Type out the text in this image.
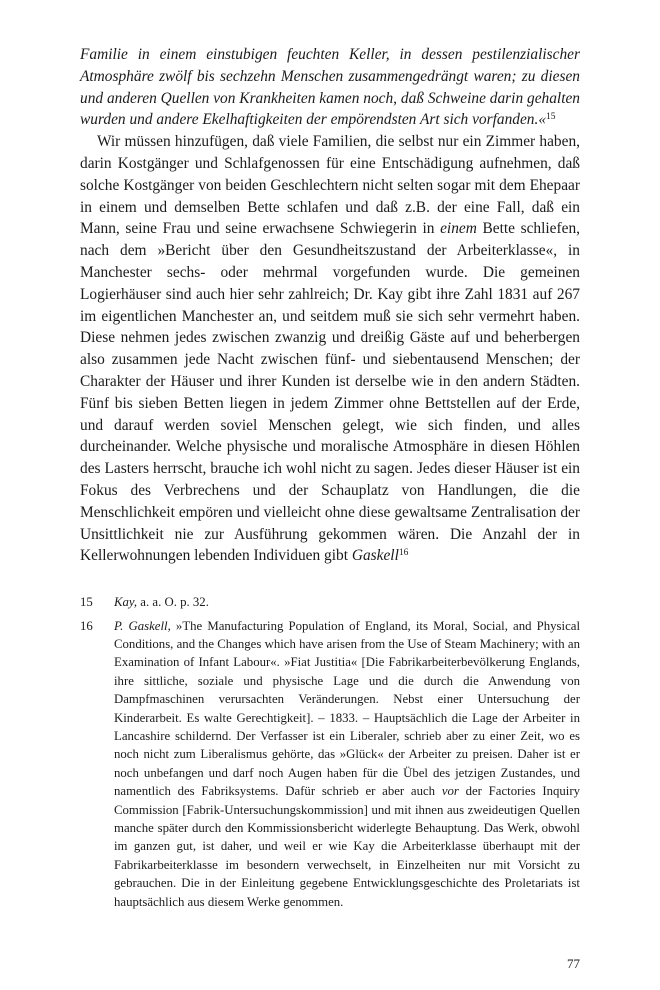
Familie in einem einstubigen feuchten Keller, in dessen pestilenzialischer Atmosphäre zwölf bis sechzehn Menschen zusammengedrängt waren; zu diesen und anderen Quellen von Krankheiten kamen noch, daß Schweine darin gehalten wurden und andere Ekelhaftigkeiten der empörendsten Art sich vorfanden.«$^{15}$

Wir müssen hinzufügen, daß viele Familien, die selbst nur ein Zimmer haben, darin Kostgänger und Schlafgenossen für eine Entschädigung aufnehmen, daß solche Kostgänger von beiden Geschlechtern nicht selten sogar mit dem Ehepaar in einem und demselben Bette schlafen und daß z.B. der eine Fall, daß ein Mann, seine Frau und seine erwachsene Schwiegerin in einem Bette schliefen, nach dem »Bericht über den Gesundheitszustand der Arbeiterklasse«, in Manchester sechs- oder mehrmal vorgefunden wurde. Die gemeinen Logierhäuser sind auch hier sehr zahlreich; Dr. Kay gibt ihre Zahl 1831 auf 267 im eigentlichen Manchester an, und seitdem muß sie sich sehr vermehrt haben. Diese nehmen jedes zwischen zwanzig und dreißig Gäste auf und beherbergen also zusammen jede Nacht zwischen fünf- und siebentausend Menschen; der Charakter der Häuser und ihrer Kunden ist derselbe wie in den andern Städten. Fünf bis sieben Betten liegen in jedem Zimmer ohne Bettstellen auf der Erde, und darauf werden soviel Menschen gelegt, wie sich finden, und alles durcheinander. Welche physische und moralische Atmosphäre in diesen Höhlen des Lasters herrscht, brauche ich wohl nicht zu sagen. Jedes dieser Häuser ist ein Fokus des Verbrechens und der Schauplatz von Handlungen, die die Menschlichkeit empören und vielleicht ohne diese gewaltsame Zentralisation der Unsittlichkeit nie zur Ausführung gekommen wären. Die Anzahl der in Kellerwohnungen lebenden Individuen gibt Gaskell$^{16}$

15	Kay, a. a. O. p. 32.
16	P. Gaskell, »The Manufacturing Population of England, its Moral, Social, and Physical Conditions, and the Changes which have arisen from the Use of Steam Machinery; with an Examination of Infant Labour«. »Fiat Justitia« [Die Fabrikarbeiterbevölkerung Englands, ihre sittliche, soziale und physische Lage und die durch die Anwendung von Dampfmaschinen verursachten Veränderungen. Nebst einer Untersuchung der Kinderarbeit. Es walte Gerechtigkeit]. – 1833. – Hauptsächlich die Lage der Arbeiter in Lancashire schildernd. Der Verfasser ist ein Liberaler, schrieb aber zu einer Zeit, wo es noch nicht zum Liberalismus gehörte, das »Glück« der Arbeiter zu preisen. Daher ist er noch unbefangen und darf noch Augen haben für die Übel des jetzigen Zustandes, und namentlich des Fabriksystems. Dafür schrieb er aber auch vor der Factories Inquiry Commission [Fabrik-Untersuchungskommission] und mit ihnen aus zweideutigen Quellen manche später durch den Kommissionsbericht widerlegte Behauptung. Das Werk, obwohl im ganzen gut, ist daher, und weil er wie Kay die Arbeiterklasse überhaupt mit der Fabrikarbeiterklasse im besondern verwechselt, in Einzelheiten nur mit Vorsicht zu gebrauchen. Die in der Einleitung gegebene Entwicklungsgeschichte des Proletariats ist hauptsächlich aus diesem Werke genommen.
77
